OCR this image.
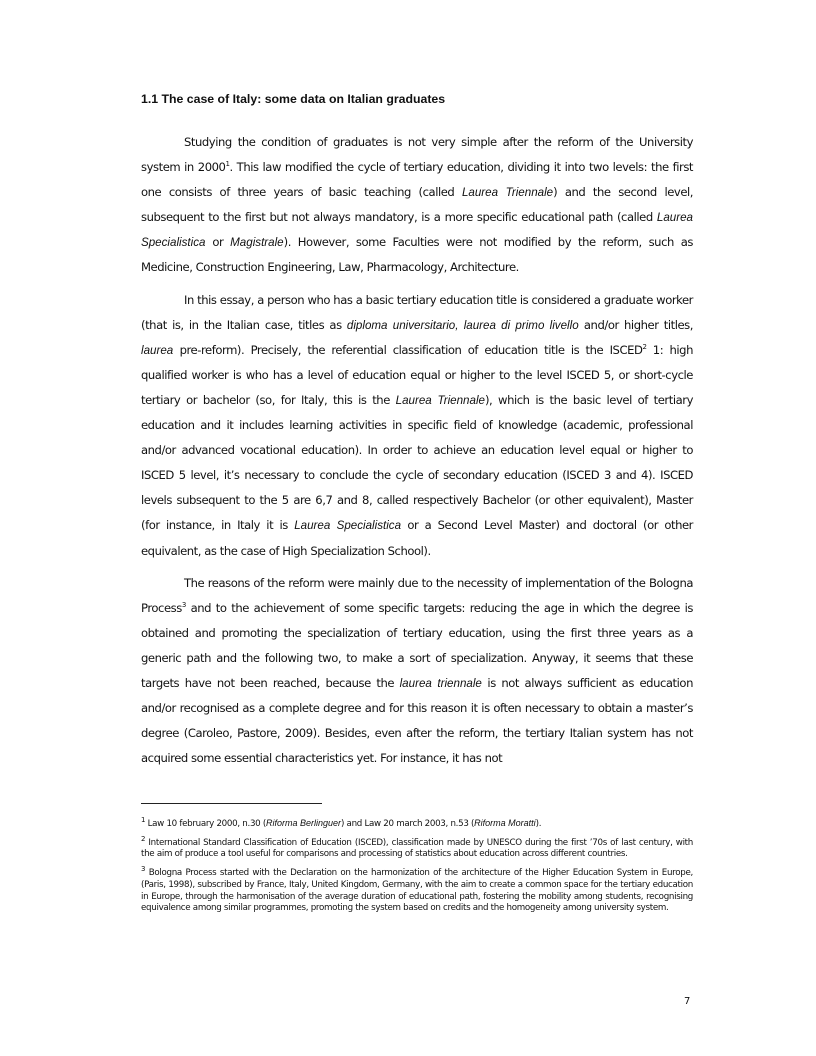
1.1 The case of Italy: some data on Italian graduates

Studying the condition of graduates is not very simple after the reform of the University system in 2000$^1$. This law modified the cycle of tertiary education, dividing it into two levels: the first one consists of three years of basic teaching (called Laurea Triennale) and the second level, subsequent to the first but not always mandatory, is a more specific educational path (called Laurea Specialistica or Magistrale). However, some Faculties were not modified by the reform, such as Medicine, Construction Engineering, Law, Pharmacology, Architecture.

In this essay, a person who has a basic tertiary education title is considered a graduate worker (that is, in the Italian case, titles as diploma universitario, laurea di primo livello and/or higher titles, laurea pre-reform). Precisely, the referential classification of education title is the ISCED$^2$ 1: high qualified worker is who has a level of education equal or higher to the level ISCED 5, or short-cycle tertiary or bachelor (so, for Italy, this is the Laurea Triennale), which is the basic level of tertiary education and it includes learning activities in specific field of knowledge (academic, professional and/or advanced vocational education). In order to achieve an education level equal or higher to ISCED 5 level, it’s necessary to conclude the cycle of secondary education (ISCED 3 and 4). ISCED levels subsequent to the 5 are 6,7 and 8, called respectively Bachelor (or other equivalent), Master (for instance, in Italy it is Laurea Specialistica or a Second Level Master) and doctoral (or other equivalent, as the case of High Specialization School).

The reasons of the reform were mainly due to the necessity of implementation of the Bologna Process$^3$ and to the achievement of some specific targets: reducing the age in which the degree is obtained and promoting the specialization of tertiary education, using the first three years as a generic path and the following two, to make a sort of specialization. Anyway, it seems that these targets have not been reached, because the laurea triennale is not always sufficient as education and/or recognised as a complete degree and for this reason it is often necessary to obtain a master’s degree (Caroleo, Pastore, 2009). Besides, even after the reform, the tertiary Italian system has not acquired some essential characteristics yet. For instance, it has not

$^1$ Law 10 february 2000, n.30 (Riforma Berlinguer) and Law 20 march 2003, n.53 (Riforma Moratti).

$^2$ International Standard Classification of Education (ISCED), classification made by UNESCO during the first ’70s of last century, with the aim of produce a tool useful for comparisons and processing of statistics about education across different countries.

$^3$ Bologna Process started with the Declaration on the harmonization of the architecture of the Higher Education System in Europe, (Paris, 1998), subscribed by France, Italy, United Kingdom, Germany, with the aim to create a common space for the tertiary education in Europe, through the harmonisation of the average duration of educational path, fostering the mobility among students, recognising equivalence among similar programmes, promoting the system based on credits and the homogeneity among university system.

7
